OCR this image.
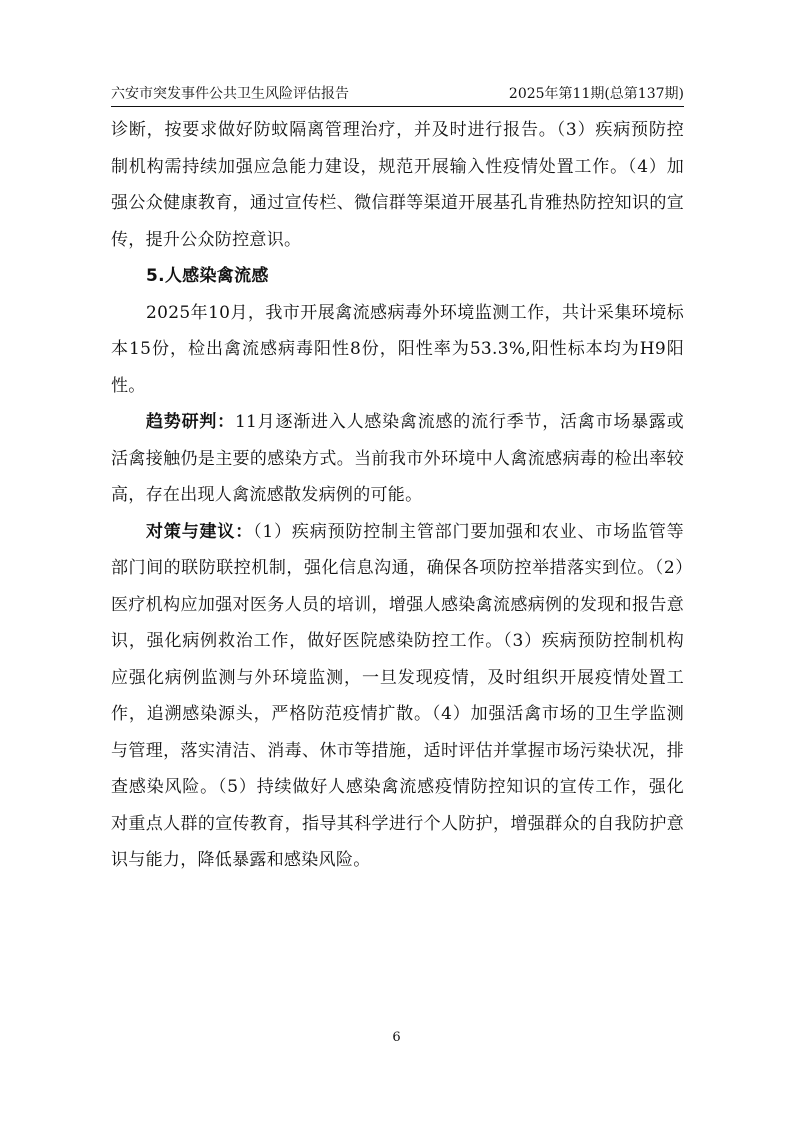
六安市突发事件公共卫生风险评估报告	2025年第11期(总第137期)

诊断，按要求做好防蚊隔离管理治疗，并及时进行报告。（3）疾病预防控制机构需持续加强应急能力建设，规范开展输入性疫情处置工作。（4）加强公众健康教育，通过宣传栏、微信群等渠道开展基孔肯雅热防控知识的宣传，提升公众防控意识。

5.人感染禽流感

2025年10月，我市开展禽流感病毒外环境监测工作，共计采集环境标本15份，检出禽流感病毒阳性8份，阳性率为53.3%,阳性标本均为H9阳性。

趋势研判：11月逐渐进入人感染禽流感的流行季节，活禽市场暴露或活禽接触仍是主要的感染方式。当前我市外环境中人禽流感病毒的检出率较高，存在出现人禽流感散发病例的可能。

对策与建议：（1）疾病预防控制主管部门要加强和农业、市场监管等部门间的联防联控机制，强化信息沟通，确保各项防控举措落实到位。（2）医疗机构应加强对医务人员的培训，增强人感染禽流感病例的发现和报告意识，强化病例救治工作，做好医院感染防控工作。（3）疾病预防控制机构应强化病例监测与外环境监测，一旦发现疫情，及时组织开展疫情处置工作，追溯感染源头，严格防范疫情扩散。（4）加强活禽市场的卫生学监测与管理，落实清洁、消毒、休市等措施，适时评估并掌握市场污染状况，排查感染风险。（5）持续做好人感染禽流感疫情防控知识的宣传工作，强化对重点人群的宣传教育，指导其科学进行个人防护，增强群众的自我防护意识与能力，降低暴露和感染风险。

6
